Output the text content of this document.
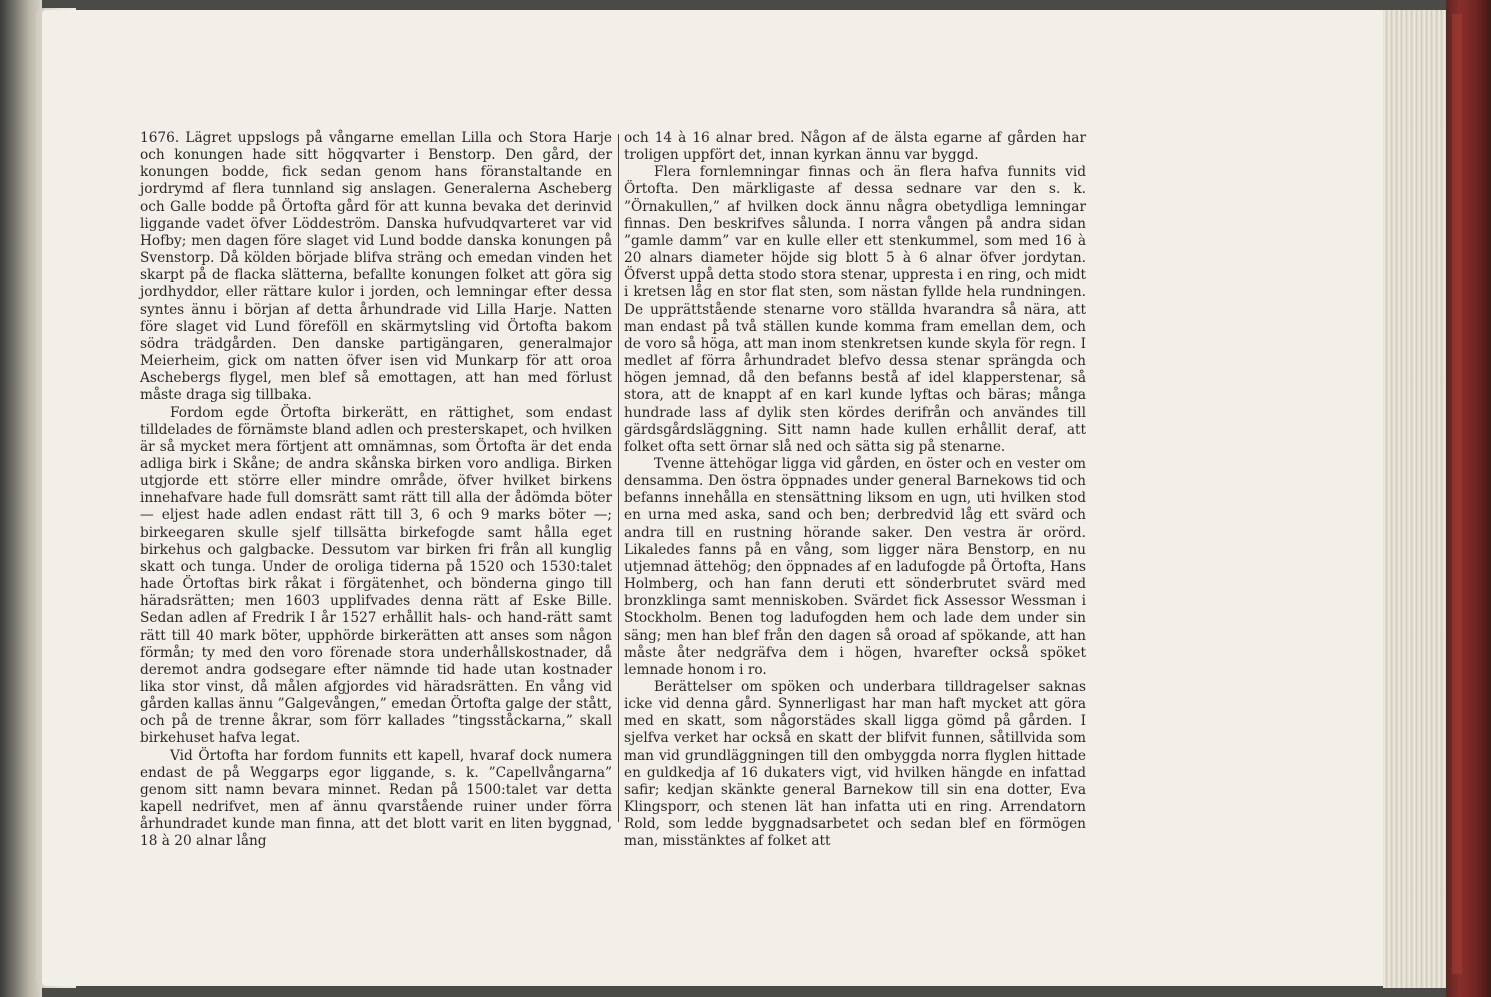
1676. Lägret uppslogs på vångarne emellan Lilla och Stora Harje och konungen hade sitt högqvarter i Benstorp. Den gård, der konungen bodde, fick sedan genom hans föranstaltande en jordrymd af flera tunnland sig anslagen. Generalerna Ascheberg och Galle bodde på Örtofta gård för att kunna bevaka det derinvid liggande vadet öfver Löddeström. Danska hufvudqvarteret var vid Hofby; men dagen före slaget vid Lund bodde danska konungen på Svenstorp. Då kölden började blifva sträng och emedan vinden het skarpt på de flacka slätterna, befallte konungen folket att göra sig jordhyddor, eller rättare kulor i jorden, och lemningar efter dessa syntes ännu i början af detta århundrade vid Lilla Harje. Natten före slaget vid Lund föreföll en skärmytsling vid Örtofta bakom södra trädgården. Den danske partigängaren, generalmajor Meierheim, gick om natten öfver isen vid Munkarp för att oroa Aschebergs flygel, men blef så emottagen, att han med förlust måste draga sig tillbaka.

Fordom egde Örtofta birkerätt, en rättighet, som endast tilldelades de förnämste bland adlen och presterskapet, och hvilken är så mycket mera förtjent att omnämnas, som Örtofta är det enda adliga birk i Skåne; de andra skånska birken voro andliga. Birken utgjorde ett större eller mindre område, öfver hvilket birkens innehafvare hade full domsrätt samt rätt till alla der ådömda böter — eljest hade adlen endast rätt till 3, 6 och 9 marks böter —; birkeegaren skulle sjelf tillsätta birkefogde samt hålla eget birkehus och galgbacke. Dessutom var birken fri från all kunglig skatt och tunga. Under de oroliga tiderna på 1520 och 1530:talet hade Örtoftas birk råkat i förgätenhet, och bönderna gingo till häradsrätten; men 1603 upplifvades denna rätt af Eske Bille. Sedan adlen af Fredrik I år 1527 erhållit hals- och hand-rätt samt rätt till 40 mark böter, upphörde birkerätten att anses som någon förmån; ty med den voro förenade stora underhållskostnader, då deremot andra godsegare efter nämnde tid hade utan kostnader lika stor vinst, då målen afgjordes vid häradsrätten. En vång vid gården kallas ännu ”Galgevången,” emedan Örtofta galge der stått, och på de trenne åkrar, som förr kallades ”tingsståckarna,” skall birkehuset hafva legat.

Vid Örtofta har fordom funnits ett kapell, hvaraf dock numera endast de på Weggarps egor liggande, s. k. ”Capellvångarna” genom sitt namn bevara minnet. Redan på 1500:talet var detta kapell nedrifvet, men af ännu qvarstående ruiner under förra århundradet kunde man finna, att det blott varit en liten byggnad, 18 à 20 alnar lång

och 14 à 16 alnar bred. Någon af de älsta egarne af gården har troligen uppfört det, innan kyrkan ännu var byggd.

Flera fornlemningar finnas och än flera hafva funnits vid Örtofta. Den märkligaste af dessa sednare var den s. k. ”Örnakullen,” af hvilken dock ännu några obetydliga lemningar finnas. Den beskrifves sålunda. I norra vången på andra sidan ”gamle damm” var en kulle eller ett stenkummel, som med 16 à 20 alnars diameter höjde sig blott 5 à 6 alnar öfver jordytan. Öfverst uppå detta stodo stora stenar, uppresta i en ring, och midt i kretsen låg en stor flat sten, som nästan fyllde hela rundningen. De upprättstående stenarne voro ställda hvarandra så nära, att man endast på två ställen kunde komma fram emellan dem, och de voro så höga, att man inom stenkretsen kunde skyla för regn. I medlet af förra århundradet blefvo dessa stenar sprängda och högen jemnad, då den befanns bestå af idel klapperstenar, så stora, att de knappt af en karl kunde lyftas och bäras; många hundrade lass af dylik sten kördes derifrån och användes till gärdsgårdsläggning. Sitt namn hade kullen erhållit deraf, att folket ofta sett örnar slå ned och sätta sig på stenarne.

Tvenne ättehögar ligga vid gården, en öster och en vester om densamma. Den östra öppnades under general Barnekows tid och befanns innehålla en stensättning liksom en ugn, uti hvilken stod en urna med aska, sand och ben; derbredvid låg ett svärd och andra till en rustning hörande saker. Den vestra är orörd. Likaledes fanns på en vång, som ligger nära Benstorp, en nu utjemnad ättehög; den öppnades af en ladufogde på Örtofta, Hans Holmberg, och han fann deruti ett sönderbrutet svärd med bronzklinga samt menniskoben. Svärdet fick Assessor Wessman i Stockholm. Benen tog ladufogden hem och lade dem under sin säng; men han blef från den dagen så oroad af spökande, att han måste åter nedgräfva dem i högen, hvarefter också spöket lemnade honom i ro.

Berättelser om spöken och underbara tilldragelser saknas icke vid denna gård. Synnerligast har man haft mycket att göra med en skatt, som någorstädes skall ligga gömd på gården. I sjelfva verket har också en skatt der blifvit funnen, såtillvida som man vid grundläggningen till den ombyggda norra flyglen hittade en guldkedja af 16 dukaters vigt, vid hvilken hängde en infattad safir; kedjan skänkte general Barnekow till sin ena dotter, Eva Klingsporr, och stenen lät han infatta uti en ring. Arrendatorn Rold, som ledde byggnadsarbetet och sedan blef en förmögen man, misstänktes af folket att
